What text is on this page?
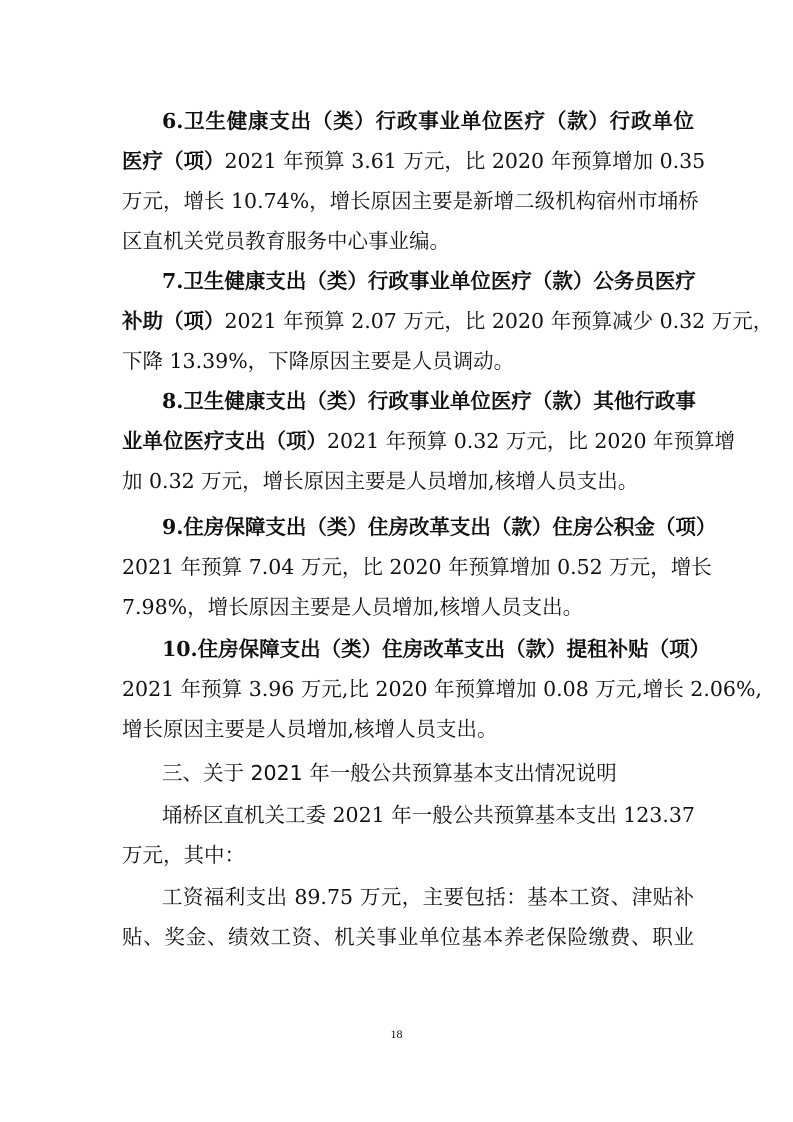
6.卫生健康支出（类）行政事业单位医疗（款）行政单位
医疗（项）2021 年预算 3.61 万元，比 2020 年预算增加 0.35
万元，增长 10.74%，增长原因主要是新增二级机构宿州市埇桥
区直机关党员教育服务中心事业编。
7.卫生健康支出（类）行政事业单位医疗（款）公务员医疗
补助（项）2021 年预算 2.07 万元，比 2020 年预算减少 0.32 万元，
下降 13.39%，下降原因主要是人员调动。
8.卫生健康支出（类）行政事业单位医疗（款）其他行政事
业单位医疗支出（项）2021 年预算 0.32 万元，比 2020 年预算增
加 0.32 万元，增长原因主要是人员增加,核增人员支出。
9.住房保障支出（类）住房改革支出（款）住房公积金（项）
2021 年预算 7.04 万元，比 2020 年预算增加 0.52 万元，增长
7.98%，增长原因主要是人员增加,核增人员支出。
10.住房保障支出（类）住房改革支出（款）提租补贴（项）
2021 年预算 3.96 万元,比 2020 年预算增加 0.08 万元,增长 2.06%,
增长原因主要是人员增加,核增人员支出。
三、关于 2021 年一般公共预算基本支出情况说明
埇桥区直机关工委 2021 年一般公共预算基本支出 123.37
万元，其中：
工资福利支出 89.75 万元，主要包括：基本工资、津贴补
贴、奖金、绩效工资、机关事业单位基本养老保险缴费、职业
18
